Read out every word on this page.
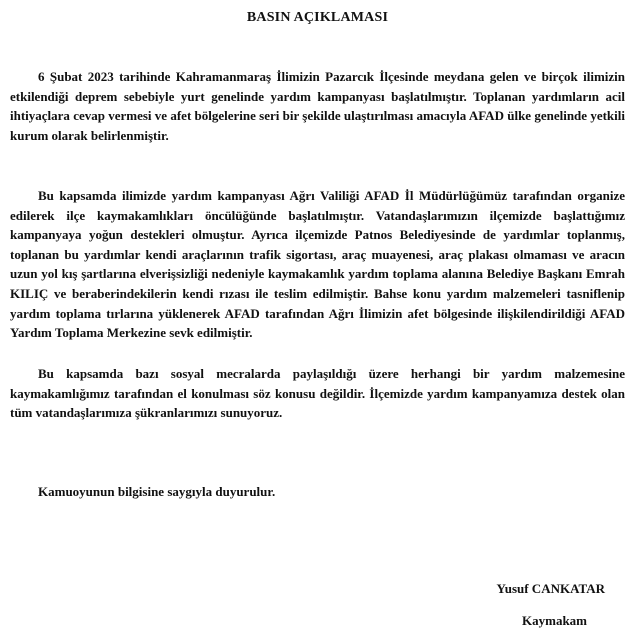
BASIN AÇIKLAMASI

6 Şubat 2023 tarihinde Kahramanmaraş İlimizin Pazarcık İlçesinde meydana gelen ve birçok ilimizin etkilendiği deprem sebebiyle yurt genelinde yardım kampanyası başlatılmıştır. Toplanan yardımların acil ihtiyaçlara cevap vermesi ve afet bölgelerine seri bir şekilde ulaştırılması amacıyla AFAD ülke genelinde yetkili kurum olarak belirlenmiştir.

Bu kapsamda ilimizde yardım kampanyası Ağrı Valiliği AFAD İl Müdürlüğümüz tarafından organize edilerek ilçe kaymakamlıkları öncülüğünde başlatılmıştır. Vatandaşlarımızın ilçemizde başlattığımız kampanyaya yoğun destekleri olmuştur. Ayrıca ilçemizde Patnos Belediyesinde de yardımlar toplanmış, toplanan bu yardımlar kendi araçlarının trafik sigortası, araç muayenesi, araç plakası olmaması ve aracın uzun yol kış şartlarına elverişsizliği nedeniyle kaymakamlık yardım toplama alanına Belediye Başkanı Emrah KILIÇ ve beraberindekilerin kendi rızası ile teslim edilmiştir. Bahse konu yardım malzemeleri tasniflenip yardım toplama tırlarına yüklenerek AFAD tarafından Ağrı İlimizin afet bölgesinde ilişkilendirildiği AFAD Yardım Toplama Merkezine sevk edilmiştir.

Bu kapsamda bazı sosyal mecralarda paylaşıldığı üzere herhangi bir yardım malzemesine kaymakamlığımız tarafından el konulması söz konusu değildir. İlçemizde yardım kampanyamıza destek olan tüm vatandaşlarımıza şükranlarımızı sunuyoruz.

Kamuoyunun bilgisine saygıyla duyurulur.

Yusuf CANKATAR
Kaymakam
